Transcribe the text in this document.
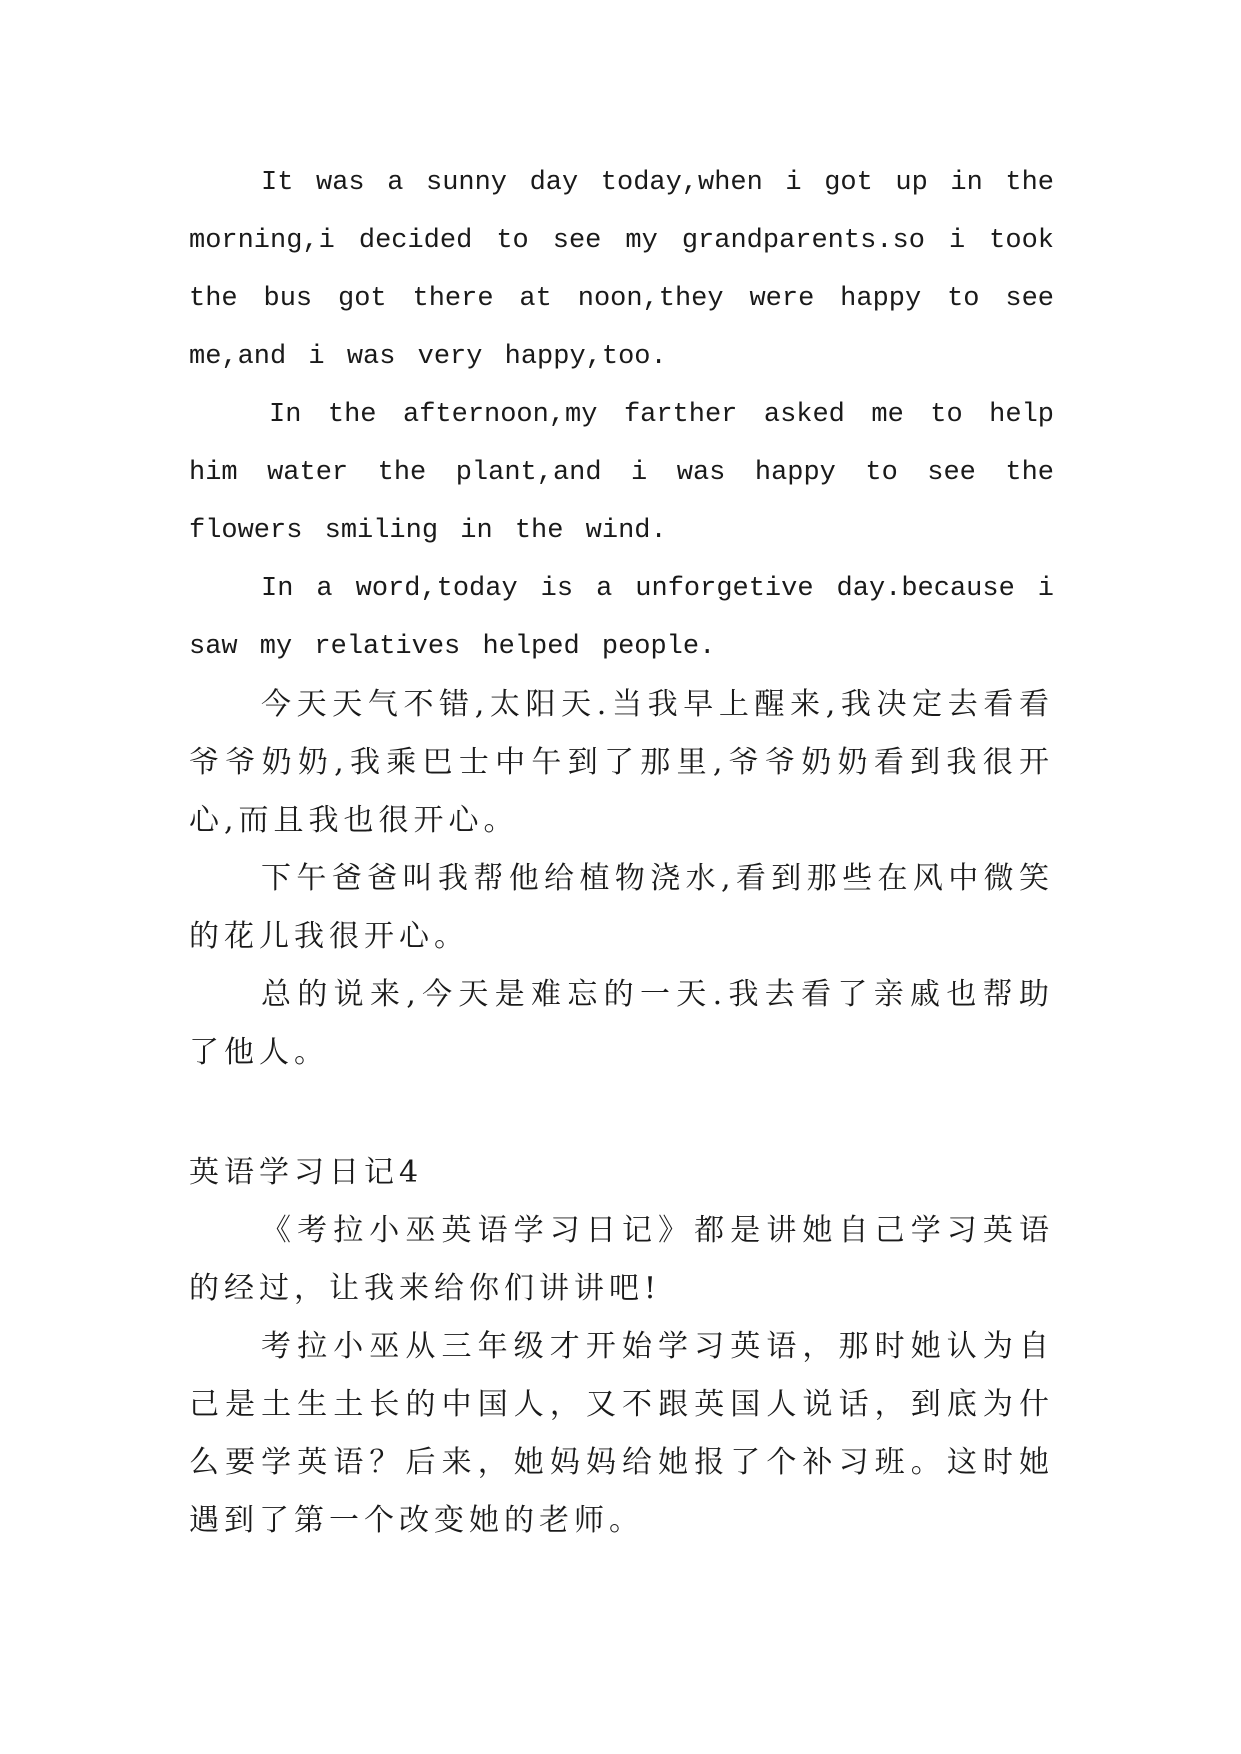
It was a sunny day today,when i got up in the morning,i decided to see my grandparents.so i took the bus got there at noon,they were happy to see me,and i was very happy,too.

In the afternoon,my farther asked me to help him water the plant,and i was happy to see the flowers smiling in the wind.

In a word,today is a unforgetive day.because i saw my relatives helped people.

今天天气不错,太阳天.当我早上醒来,我决定去看看爷爷奶奶,我乘巴士中午到了那里,爷爷奶奶看到我很开心,而且我也很开心。

下午爸爸叫我帮他给植物浇水,看到那些在风中微笑的花儿我很开心。

总的说来,今天是难忘的一天.我去看了亲戚也帮助了他人。

英语学习日记4

《考拉小巫英语学习日记》都是讲她自己学习英语的经过，让我来给你们讲讲吧!

考拉小巫从三年级才开始学习英语，那时她认为自己是土生土长的中国人，又不跟英国人说话，到底为什么要学英语？后来，她妈妈给她报了个补习班。这时她遇到了第一个改变她的老师。
